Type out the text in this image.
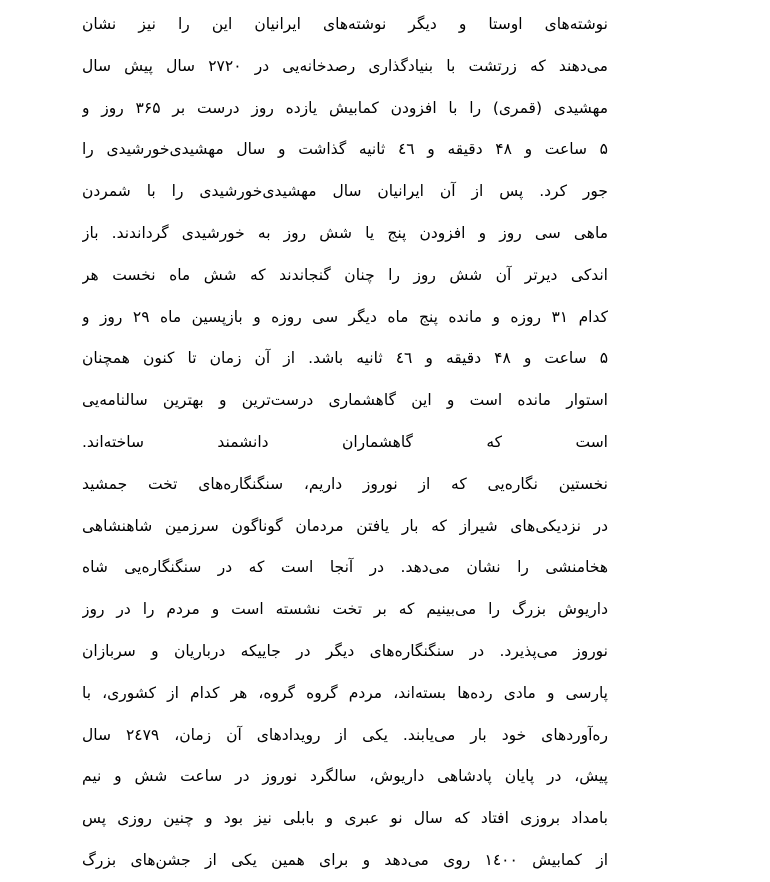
نوشته‌های اوستا و دیگر نوشته‌های ایرانیان این را نیز نشان
می‌دهند که زرتشت با بنیادگذاری رصدخانه‌یی در ۲۷۲۰ سال پیش سال
مهشیدی (قمری) را با افزودن کمابیش یازده روز درست بر ۳۶۵ روز و
۵ ساعت و ۴۸ دقیقه و ٤٦ ثانیه گذاشت و سال مهشیدی‌خورشیدی را
جور کرد. پس از آن ایرانیان سال مهشیدی‌خورشیدی را با شمردن
ماهی سی روز و افزودن پنج یا شش روز به خورشیدی گرداندند. باز
اندکی دیرتر آن شش روز را چنان گنجاندند که شش ماه نخست هر
کدام ۳۱ روزه و مانده پنج ماه دیگر سی روزه و بازپسین ماه ۲۹ روز و
۵ ساعت و ۴۸ دقیقه و ٤٦ ثانیه باشد. از آن زمان تا کنون همچنان
استوار مانده است و این گاهشماری درست‌ترین و بهترین سالنامه‌یی
است که گاهشماران دانشمند ساخته‌اند.
نخستین نگاره‌یی که از نوروز داریم، سنگنگاره‌های تخت جمشید
در نزدیکی‌های شیراز که بار یافتن مردمان گوناگون سرزمین شاهنشاهی
هخامنشی را نشان می‌دهد. در آنجا است که در سنگنگاره‌یی شاه
داریوش بزرگ را می‌بینیم که بر تخت نشسته است و مردم را در روز
نوروز می‌پذیرد. در سنگنگاره‌های دیگر در جاییکه درباریان و سربازان
پارسی و مادی رده‌ها بسته‌اند، مردم گروه گروه، هر کدام از کشوری، با
ره‌آوردهای خود بار می‌یابند. یکی از رویدادهای آن زمان، ۲٤۷۹ سال
پیش، در پایان پادشاهی داریوش، سالگرد نوروز در ساعت شش و نیم
بامداد بروزی افتاد که سال نو عبری و بابلی نیز بود و چنین روزی پس
از کمابیش ۱٤۰۰ روی می‌دهد و برای همین یکی از جشن‌های بزرگ
